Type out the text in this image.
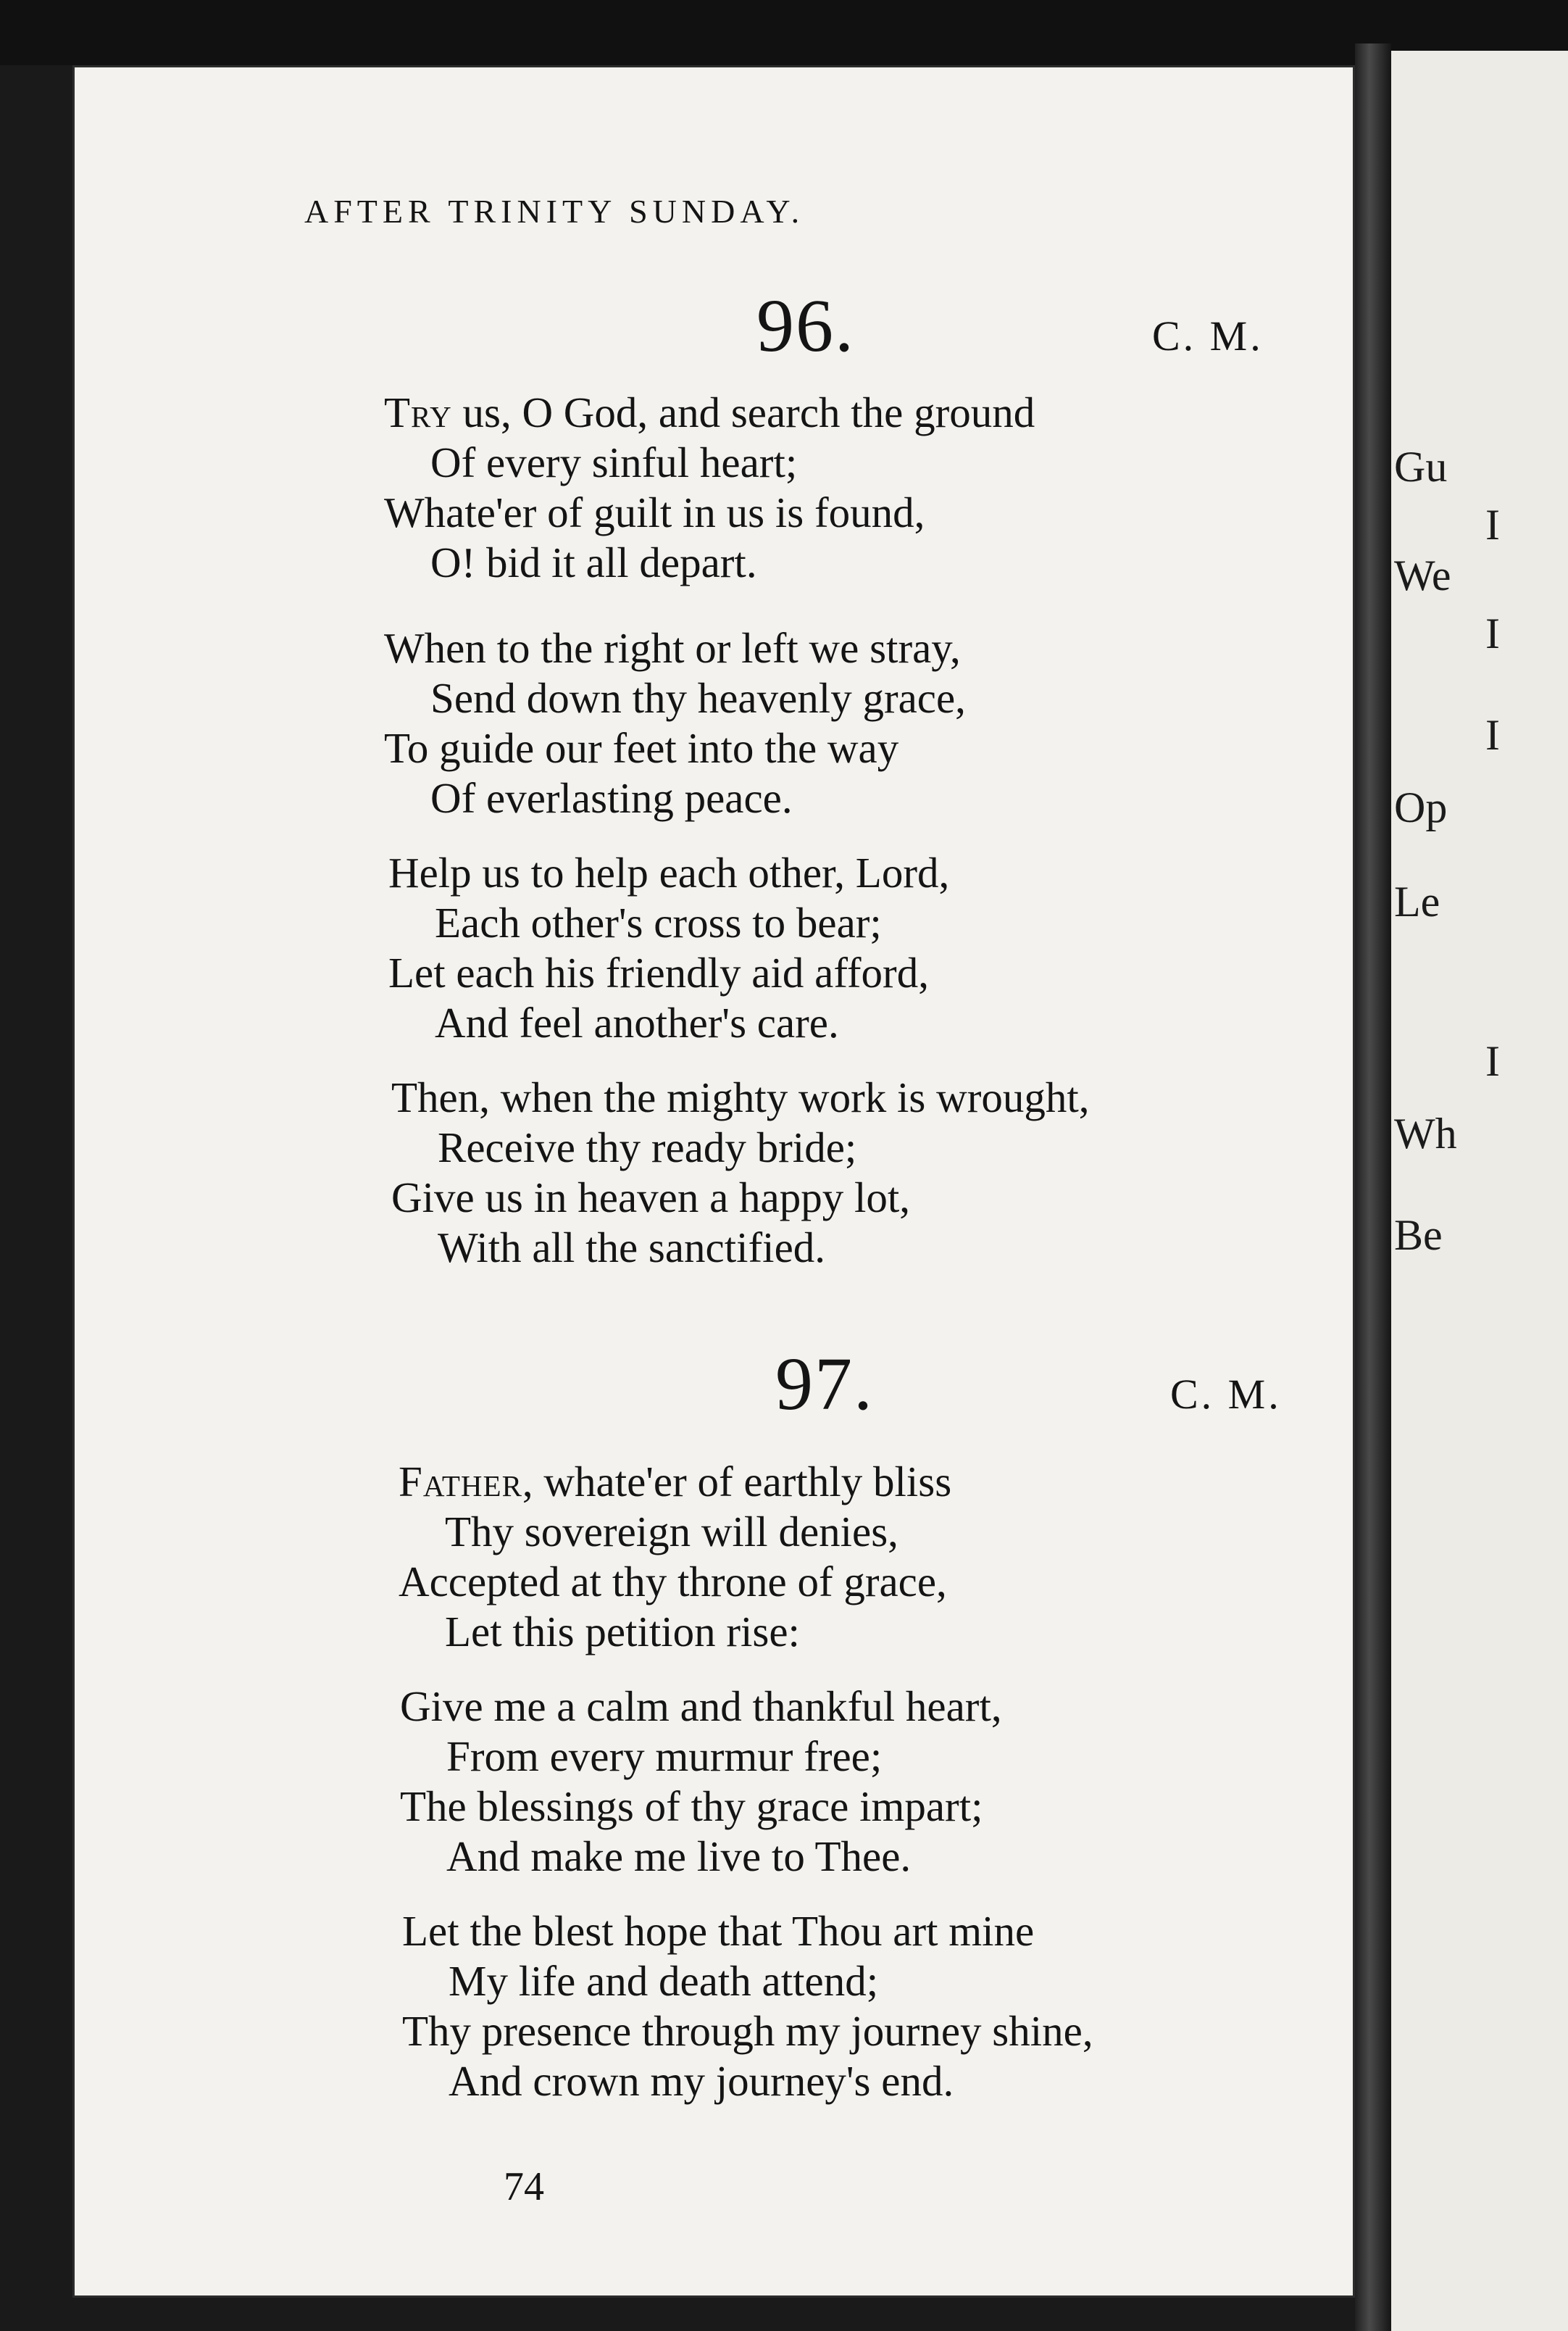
AFTER TRINITY SUNDAY.
96.	C. M.
Try us, O God, and search the ground
Of every sinful heart;
Whate'er of guilt in us is found,
O! bid it all depart.
When to the right or left we stray,
Send down thy heavenly grace,
To guide our feet into the way
Of everlasting peace.
Help us to help each other, Lord,
Each other's cross to bear;
Let each his friendly aid afford,
And feel another's care.
Then, when the mighty work is wrought,
Receive thy ready bride;
Give us in heaven a happy lot,
With all the sanctified.
97.	C. M.
Father, whate'er of earthly bliss
Thy sovereign will denies,
Accepted at thy throne of grace,
Let this petition rise:
Give me a calm and thankful heart,
From every murmur free;
The blessings of thy grace impart;
And make me live to Thee.
Let the blest hope that Thou art mine
My life and death attend;
Thy presence through my journey shine,
And crown my journey's end.
74
Gu
I
We
I
I
Op
Le
I
Wh
Be
